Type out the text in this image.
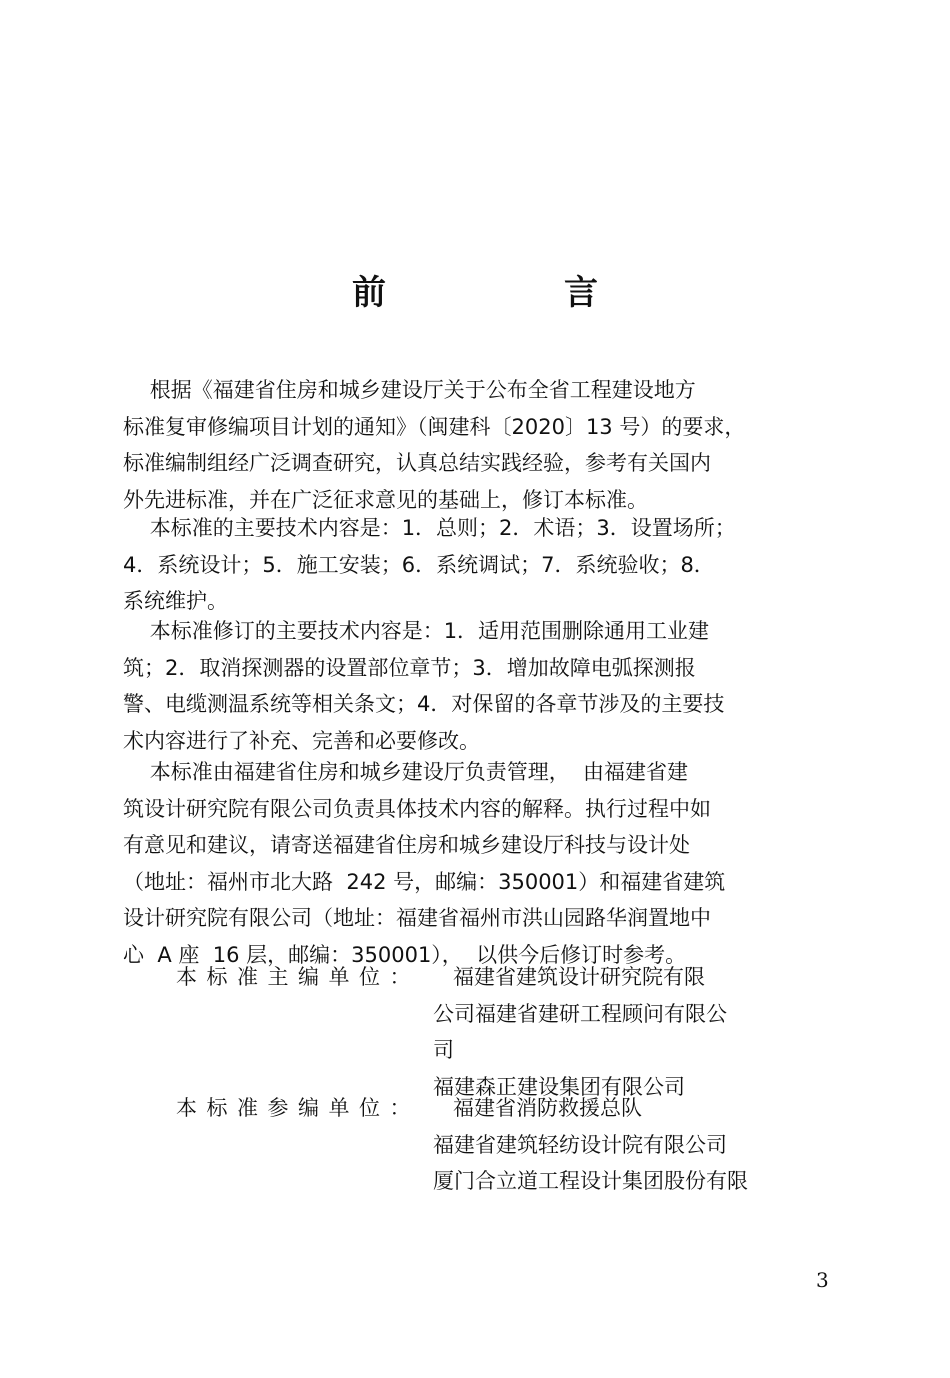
前　言
根据《福建省住房和城乡建设厅关于公布全省工程建设地方
标准复审修编项目计划的通知》（闽建科〔2020〕13 号）的要求，
标准编制组经广泛调查研究，认真总结实践经验，参考有关国内
外先进标准，并在广泛征求意见的基础上，修订本标准。
本标准的主要技术内容是：1．总则；2．术语；3．设置场所；
4．系统设计；5．施工安装；6．系统调试；7．系统验收；8．
系统维护。
本标准修订的主要技术内容是：1．适用范围删除通用工业建
筑；2．取消探测器的设置部位章节；3．增加故障电弧探测报
警、电缆测温系统等相关条文；4．对保留的各章节涉及的主要技
术内容进行了补充、完善和必要修改。
本标准由福建省住房和城乡建设厅负责管理，  由福建省建
筑设计研究院有限公司负责具体技术内容的解释。执行过程中如
有意见和建议，请寄送福建省住房和城乡建设厅科技与设计处
（地址：福州市北大路  242 号，邮编：350001）和福建省建筑
设计研究院有限公司（地址：福建省福州市洪山园路华润置地中
心  A 座  16 层，邮编：350001），  以供今后修订时参考。
本标准主编单位： 福建省建筑设计研究院有限
公司福建省建研工程顾问有限公
司
福建森正建设集团有限公司
本标准参编单位： 福建省消防救援总队
福建省建筑轻纺设计院有限公司
厦门合立道工程设计集团股份有限
3
